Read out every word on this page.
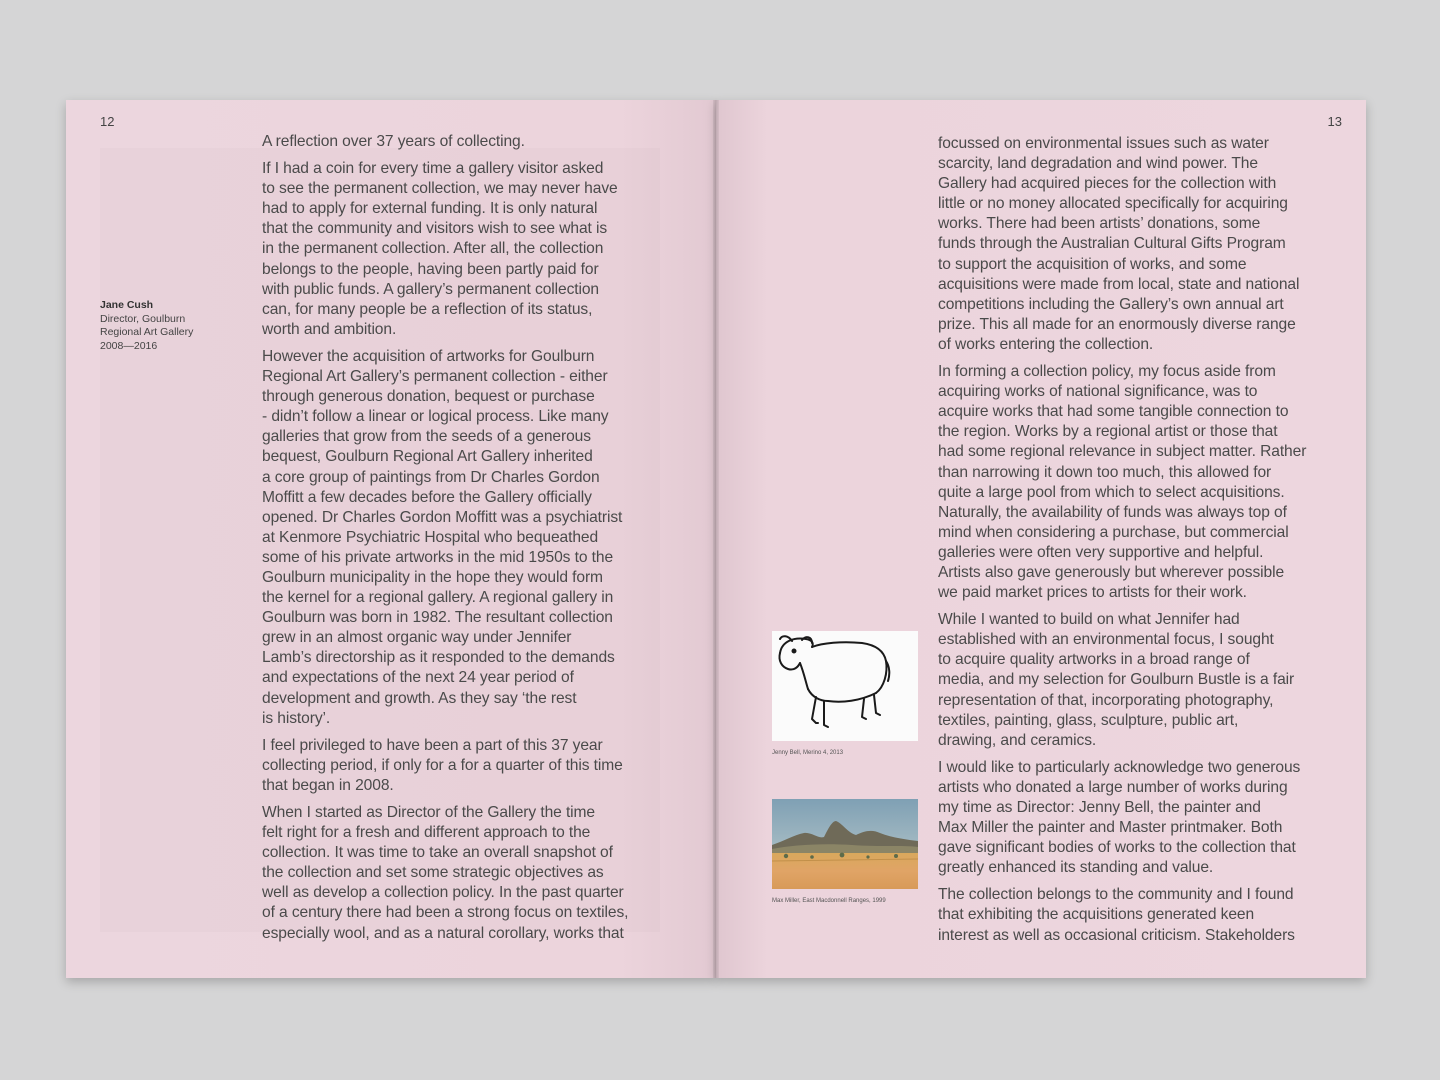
12
Jane Cush
Director, Goulburn
Regional Art Gallery
2008—2016

A reflection over 37 years of collecting.

If I had a coin for every time a gallery visitor asked
to see the permanent collection, we may never have
had to apply for external funding. It is only natural
that the community and visitors wish to see what is
in the permanent collection. After all, the collection
belongs to the people, having been partly paid for
with public funds. A gallery’s permanent collection
can, for many people be a reflection of its status,
worth and ambition.

However the acquisition of artworks for Goulburn
Regional Art Gallery’s permanent collection - either
through generous donation, bequest or purchase
- didn’t follow a linear or logical process. Like many
galleries that grow from the seeds of a generous
bequest, Goulburn Regional Art Gallery inherited
a core group of paintings from Dr Charles Gordon
Moffitt a few decades before the Gallery officially
opened. Dr Charles Gordon Moffitt was a psychiatrist
at Kenmore Psychiatric Hospital who bequeathed
some of his private artworks in the mid 1950s to the
Goulburn municipality in the hope they would form
the kernel for a regional gallery. A regional gallery in
Goulburn was born in 1982. The resultant collection
grew in an almost organic way under Jennifer
Lamb’s directorship as it responded to the demands
and expectations of the next 24 year period of
development and growth. As they say ‘the rest
is history’.

I feel privileged to have been a part of this 37 year
collecting period, if only for a for a quarter of this time
that began in 2008.

When I started as Director of the Gallery the time
felt right for a fresh and different approach to the
collection. It was time to take an overall snapshot of
the collection and set some strategic objectives as
well as develop a collection policy. In the past quarter
of a century there had been a strong focus on textiles,
especially wool, and as a natural corollary, works that

13
Jenny Bell, Merino 4, 2013
Max Miller, East Macdonnell Ranges, 1999

focussed on environmental issues such as water
scarcity, land degradation and wind power. The
Gallery had acquired pieces for the collection with
little or no money allocated specifically for acquiring
works. There had been artists’ donations, some
funds through the Australian Cultural Gifts Program
to support the acquisition of works, and some
acquisitions were made from local, state and national
competitions including the Gallery’s own annual art
prize. This all made for an enormously diverse range
of works entering the collection.

In forming a collection policy, my focus aside from
acquiring works of national significance, was to
acquire works that had some tangible connection to
the region. Works by a regional artist or those that
had some regional relevance in subject matter. Rather
than narrowing it down too much, this allowed for
quite a large pool from which to select acquisitions.
Naturally, the availability of funds was always top of
mind when considering a purchase, but commercial
galleries were often very supportive and helpful.
Artists also gave generously but wherever possible
we paid market prices to artists for their work.

While I wanted to build on what Jennifer had
established with an environmental focus, I sought
to acquire quality artworks in a broad range of
media, and my selection for Goulburn Bustle is a fair
representation of that, incorporating photography,
textiles, painting, glass, sculpture, public art,
drawing, and ceramics.

I would like to particularly acknowledge two generous
artists who donated a large number of works during
my time as Director: Jenny Bell, the painter and
Max Miller the painter and Master printmaker. Both
gave significant bodies of works to the collection that
greatly enhanced its standing and value.

The collection belongs to the community and I found
that exhibiting the acquisitions generated keen
interest as well as occasional criticism. Stakeholders
